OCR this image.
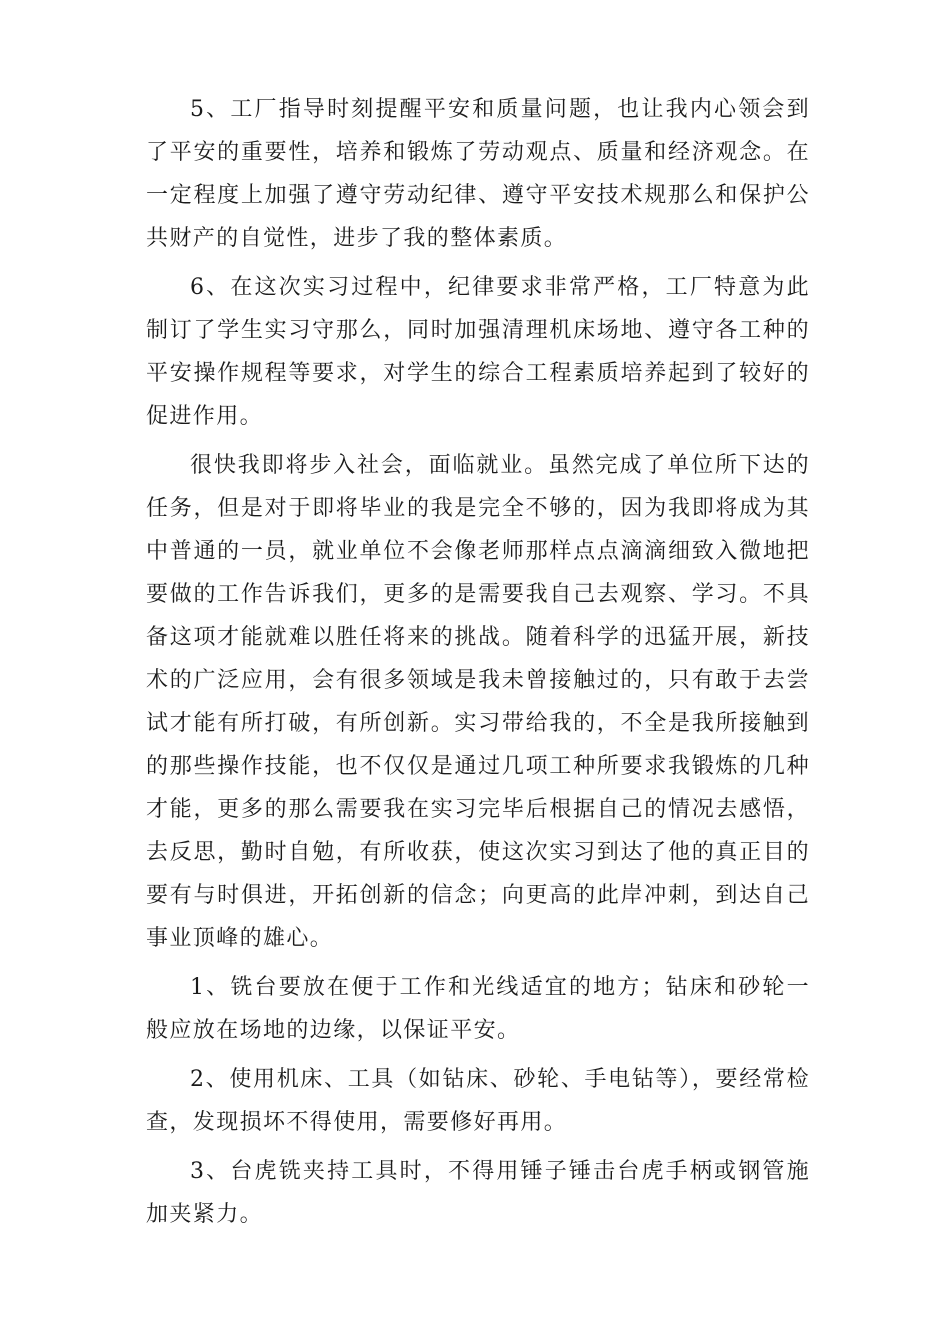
5、工厂指导时刻提醒平安和质量问题，也让我内心领会到了平安的重要性，培养和锻炼了劳动观点、质量和经济观念。在一定程度上加强了遵守劳动纪律、遵守平安技术规那么和保护公共财产的自觉性，进步了我的整体素质。

6、在这次实习过程中，纪律要求非常严格，工厂特意为此制订了学生实习守那么，同时加强清理机床场地、遵守各工种的平安操作规程等要求，对学生的综合工程素质培养起到了较好的促进作用。

很快我即将步入社会，面临就业。虽然完成了单位所下达的任务，但是对于即将毕业的我是完全不够的，因为我即将成为其中普通的一员，就业单位不会像老师那样点点滴滴细致入微地把要做的工作告诉我们，更多的是需要我自己去观察、学习。不具备这项才能就难以胜任将来的挑战。随着科学的迅猛开展，新技术的广泛应用，会有很多领域是我未曾接触过的，只有敢于去尝试才能有所打破，有所创新。实习带给我的，不全是我所接触到的那些操作技能，也不仅仅是通过几项工种所要求我锻炼的几种才能，更多的那么需要我在实习完毕后根据自己的情况去感悟，去反思，勤时自勉，有所收获，使这次实习到达了他的真正目的要有与时俱进，开拓创新的信念；向更高的此岸冲刺，到达自己事业顶峰的雄心。

1、铣台要放在便于工作和光线适宜的地方；钻床和砂轮一般应放在场地的边缘，以保证平安。

2、使用机床、工具（如钻床、砂轮、手电钻等），要经常检查，发现损坏不得使用，需要修好再用。

3、台虎铣夹持工具时，不得用锤子锤击台虎手柄或钢管施加夹紧力。
